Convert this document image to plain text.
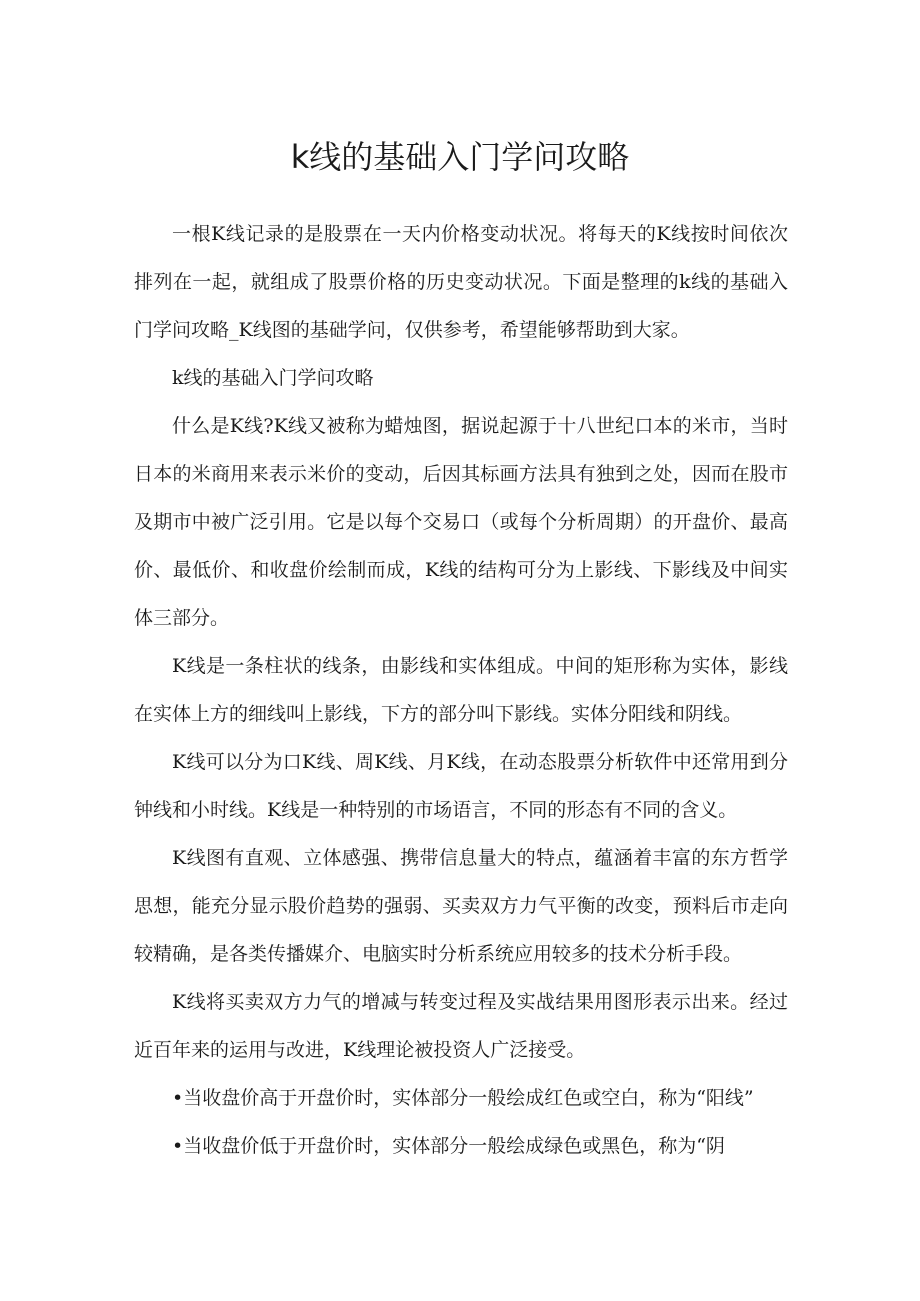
k线的基础入门学问攻略

一根K线记录的是股票在一天内价格变动状况。将每天的K线按时间依次排列在一起，就组成了股票价格的历史变动状况。下面是整理的k线的基础入门学问攻略_K线图的基础学问，仅供参考，希望能够帮助到大家。

k线的基础入门学问攻略

什么是K线?K线又被称为蜡烛图，据说起源于十八世纪口本的米市，当时日本的米商用来表示米价的变动，后因其标画方法具有独到之处，因而在股市及期市中被广泛引用。它是以每个交易口（或每个分析周期）的开盘价、最高价、最低价、和收盘价绘制而成，K线的结构可分为上影线、下影线及中间实体三部分。

K线是一条柱状的线条，由影线和实体组成。中间的矩形称为实体，影线在实体上方的细线叫上影线，下方的部分叫下影线。实体分阳线和阴线。

K线可以分为口K线、周K线、月K线，在动态股票分析软件中还常用到分钟线和小时线。K线是一种特别的市场语言，不同的形态有不同的含义。

K线图有直观、立体感强、携带信息量大的特点，蕴涵着丰富的东方哲学思想，能充分显示股价趋势的强弱、买卖双方力气平衡的改变，预料后市走向较精确，是各类传播媒介、电脑实时分析系统应用较多的技术分析手段。

K线将买卖双方力气的增减与转变过程及实战结果用图形表示出来。经过近百年来的运用与改进，K线理论被投资人广泛接受。

•当收盘价高于开盘价时，实体部分一般绘成红色或空白，称为“阳线”

•当收盘价低于开盘价时，实体部分一般绘成绿色或黑色，称为“阴
